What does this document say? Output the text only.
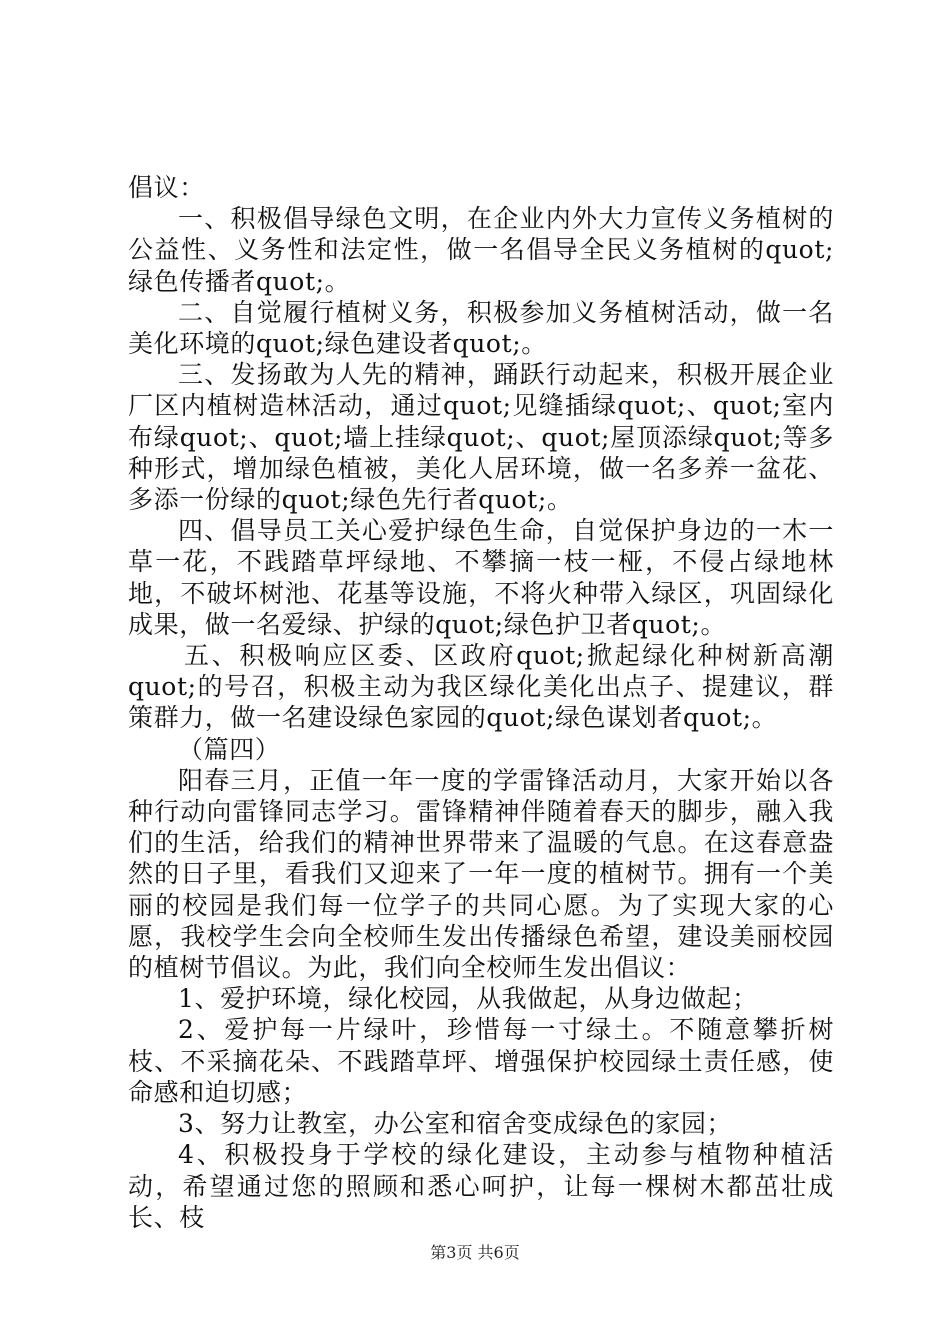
倡议：

一、积极倡导绿色文明，在企业内外大力宣传义务植树的公益性、义务性和法定性，做一名倡导全民义务植树的quot;绿色传播者quot;。

二、自觉履行植树义务，积极参加义务植树活动，做一名美化环境的quot;绿色建设者quot;。

三、发扬敢为人先的精神，踊跃行动起来，积极开展企业厂区内植树造林活动，通过quot;见缝插绿quot;、quot;室内布绿quot;、quot;墙上挂绿quot;、quot;屋顶添绿quot;等多种形式，增加绿色植被，美化人居环境，做一名多养一盆花、多添一份绿的quot;绿色先行者quot;。

四、倡导员工关心爱护绿色生命，自觉保护身边的一木一草一花，不践踏草坪绿地、不攀摘一枝一桠，不侵占绿地林地，不破坏树池、花基等设施，不将火种带入绿区，巩固绿化成果，做一名爱绿、护绿的quot;绿色护卫者quot;。

五、积极响应区委、区政府quot;掀起绿化种树新高潮quot;的号召，积极主动为我区绿化美化出点子、提建议，群策群力，做一名建设绿色家园的quot;绿色谋划者quot;。

（篇四）

阳春三月，正值一年一度的学雷锋活动月，大家开始以各种行动向雷锋同志学习。雷锋精神伴随着春天的脚步，融入我们的生活，给我们的精神世界带来了温暖的气息。在这春意盎然的日子里，看我们又迎来了一年一度的植树节。拥有一个美丽的校园是我们每一位学子的共同心愿。为了实现大家的心愿，我校学生会向全校师生发出传播绿色希望，建设美丽校园的植树节倡议。为此，我们向全校师生发出倡议：

1、爱护环境，绿化校园，从我做起，从身边做起；

2、爱护每一片绿叶，珍惜每一寸绿土。不随意攀折树枝、不采摘花朵、不践踏草坪、增强保护校园绿土责任感，使命感和迫切感；

3、努力让教室，办公室和宿舍变成绿色的家园；

4、积极投身于学校的绿化建设，主动参与植物种植活动，希望通过您的照顾和悉心呵护，让每一棵树木都茁壮成长、枝

第3页 共6页
